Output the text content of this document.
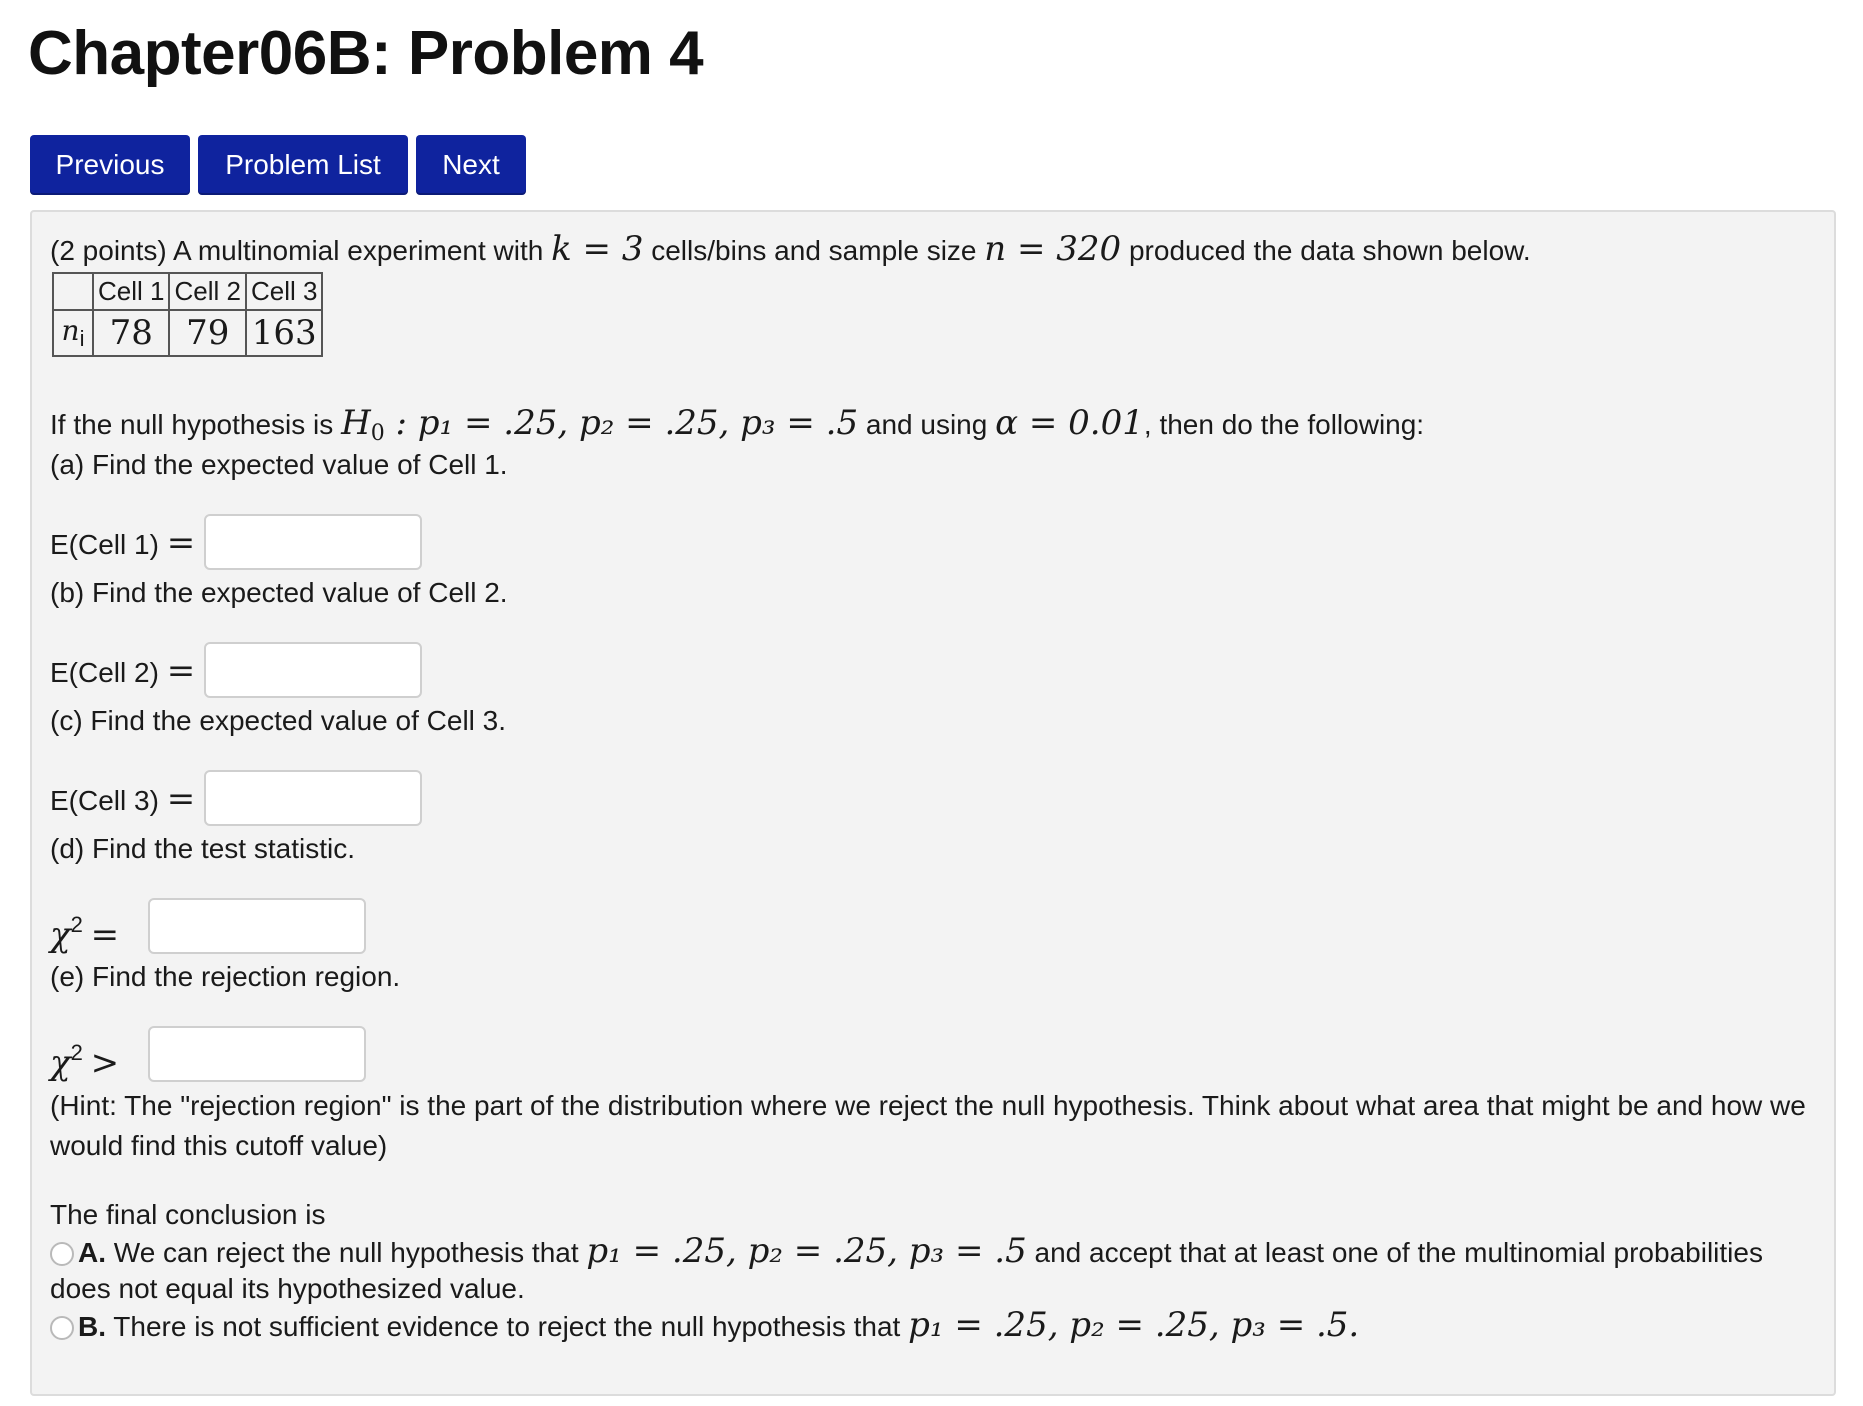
Chapter06B: Problem 4
Previous	Problem List	Next
(2 points) A multinomial experiment with k = 3 cells/bins and sample size n = 320 produced the data shown below.
	Cell 1	Cell 2	Cell 3
$n_i$	78	79	163
If the null hypothesis is $H_0$ : p₁ = .25, p₂ = .25, p₃ = .5 and using α = 0.01, then do the following:
(a) Find the expected value of Cell 1.
E(Cell 1) =
(b) Find the expected value of Cell 2.
E(Cell 2) =
(c) Find the expected value of Cell 3.
E(Cell 3) =
(d) Find the test statistic.
$\chi^2$ =
(e) Find the rejection region.
$\chi^2$ >
(Hint: The "rejection region" is the part of the distribution where we reject the null hypothesis. Think about what area that might be and how we would find this cutoff value)
The final conclusion is
A. We can reject the null hypothesis that p₁ = .25, p₂ = .25, p₃ = .5 and accept that at least one of the multinomial probabilities
does not equal its hypothesized value.
B. There is not sufficient evidence to reject the null hypothesis that p₁ = .25, p₂ = .25, p₃ = .5.
